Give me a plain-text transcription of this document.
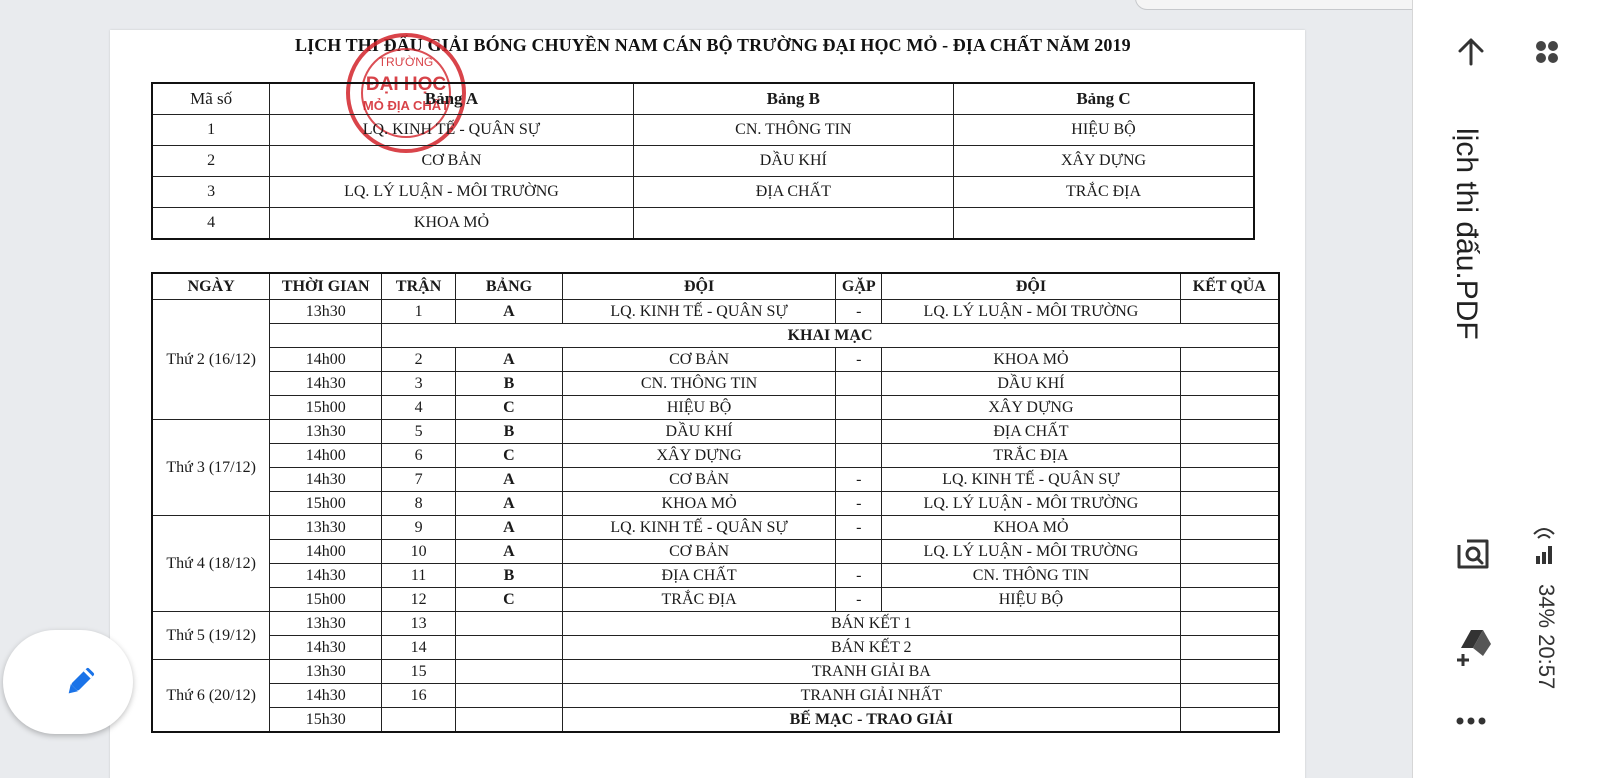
LỊCH THI ĐẤU GIẢI BÓNG CHUYỀN NAM CÁN BỘ TRƯỜNG ĐẠI HỌC MỎ - ĐỊA CHẤT NĂM 2019
TRƯỜNG
ĐẠI HỌC
MỎ ĐỊA CHẤT
Mã số	Bảng A	Bảng B	Bảng C
1	LQ. KINH TẾ - QUÂN SỰ	CN. THÔNG TIN	HIỆU BỘ
2	CƠ BẢN	DẦU KHÍ	XÂY DỰNG
3	LQ. LÝ LUẬN - MÔI TRƯỜNG	ĐỊA CHẤT	TRẮC ĐỊA
4	KHOA MỎ		
NGÀY	THỜI GIAN	TRẬN	BẢNG	ĐỘI	GẶP	ĐỘI	KẾT QỦA
Thứ 2 (16/12)	13h30	1	A	LQ. KINH TẾ - QUÂN SỰ	-	LQ. LÝ LUẬN - MÔI TRƯỜNG	
		KHAI MẠC					
	14h00	2	A	CƠ BẢN	-	KHOA MỎ	
	14h30	3	B	CN. THÔNG TIN		DẦU KHÍ	
	15h00	4	C	HIỆU BỘ		XÂY DỰNG	
Thứ 3 (17/12)	13h30	5	B	DẦU KHÍ		ĐỊA CHẤT	
	14h00	6	C	XÂY DỰNG		TRẮC ĐỊA	
	14h30	7	A	CƠ BẢN	-	LQ. KINH TẾ - QUÂN SỰ	
	15h00	8	A	KHOA MỎ	-	LQ. LÝ LUẬN - MÔI TRƯỜNG	
Thứ 4 (18/12)	13h30	9	A	LQ. KINH TẾ - QUÂN SỰ	-	KHOA MỎ	
	14h00	10	A	CƠ BẢN		LQ. LÝ LUẬN - MÔI TRƯỜNG	
	14h30	11	B	ĐỊA CHẤT	-	CN. THÔNG TIN	
	15h00	12	C	TRẮC ĐỊA	-	HIỆU BỘ	
Thứ 5 (19/12)	13h30	13		BÁN KẾT 1			
	14h30	14		BÁN KẾT 2			
Thứ 6 (20/12)	13h30	15		TRANH GIẢI BA			
	14h30	16		TRANH GIẢI NHẤT			
	15h30			BẾ MẠC - TRAO GIẢI			
lịch thi đấu.PDF
34% 20:57
